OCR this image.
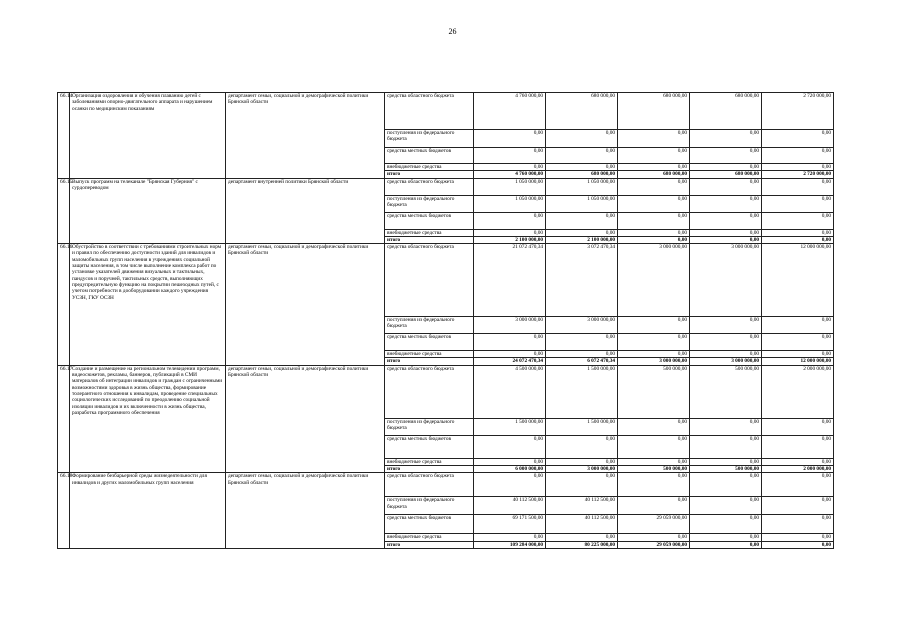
26
66.14	Организация оздоровления и обучения плаванию детей с заболеваниями опорно-двигательного аппарата и нарушением осанки по медицинским показаниям	департамент семьи, социальной и демографической политики Брянской области	средства областного бюджета	4 760 000,00	680 000,00	680 000,00	680 000,00	2 720 000,00
			поступления из федерального бюджета	0,00	0,00	0,00	0,00	0,00
			средства местных бюджетов	0,00	0,00	0,00	0,00	0,00
			внебюджетные средства	0,00	0,00	0,00	0,00	0,00
			итого	4 760 000,00	680 000,00	680 000,00	680 000,00	2 720 000,00
66.15	Выпуск программ на телеканале "Брянская Губерния" с сурдопереводом	департамент внутренней политики Брянской области	средства областного бюджета	1 050 000,00	1 050 000,00	0,00	0,00	0,00
			поступления из федерального бюджета	1 050 000,00	1 050 000,00	0,00	0,00	0,00
			средства местных бюджетов	0,00	0,00	0,00	0,00	0,00
			внебюджетные средства	0,00	0,00	0,00	0,00	0,00
			итого	2 100 000,00	2 100 000,00	0,00	0,00	0,00
66.16	Обустройство в соответствии с требованиями строительных норм и правил по обеспечению доступности зданий для инвалидов и маломобильных групп населения в учреждениях социальной защиты населения, в том числе выполнение комплекса работ по установке указателей движения визуальных и тактильных, пандусов и поручней, тактильных средств, выполняющих предупредительную функцию на покрытии пешеходных путей, с учетом потребности в дооборудовании каждого учреждения УСЗН, ГКУ ОСЗН	департамент семьи, социальной и демографической политики Брянской области	средства областного бюджета	21 072 470,34	3 072 470,34	3 000 000,00	3 000 000,00	12 000 000,00
			поступления из федерального бюджета	3 000 000,00	3 000 000,00	0,00	0,00	0,00
			средства местных бюджетов	0,00	0,00	0,00	0,00	0,00
			внебюджетные средства	0,00	0,00	0,00	0,00	0,00
			итого	24 072 470,34	6 072 470,34	3 000 000,00	3 000 000,00	12 000 000,00
66.17	Создание и размещение на региональном телевидении программ, видеосюжетов, рекламы, баннеров, публикаций в СМИ материалов об интеграции инвалидов и граждан с ограниченными возможностями здоровья в жизнь общества, формирование толерантного отношения к инвалидам, проведение специальных социологических исследований по преодолению социальной изоляции инвалидов и их включенности в жизнь общества, разработка программного обеспечения	департамент семьи, социальной и демографической политики Брянской области	средства областного бюджета	4 500 000,00	1 500 000,00	500 000,00	500 000,00	2 000 000,00
			поступления из федерального бюджета	1 500 000,00	1 500 000,00	0,00	0,00	0,00
			средства местных бюджетов	0,00	0,00	0,00	0,00	0,00
			внебюджетные средства	0,00	0,00	0,00	0,00	0,00
			итого	6 000 000,00	3 000 000,00	500 000,00	500 000,00	2 000 000,00
66.18	Формирование безбарьерной среды жизнедеятельности для инвалидов и других маломобильных групп населения	департамент семьи, социальной и демографической политики Брянской области	средства областного бюджета	0,00	0,00	0,00	0,00	0,00
			поступления из федерального бюджета	40 112 500,00	40 112 500,00	0,00	0,00	0,00
			средства местных бюджетов	69 171 500,00	40 112 500,00	29 059 000,00	0,00	0,00
			внебюджетные средства	0,00	0,00	0,00	0,00	0,00
			итого	109 284 000,00	80 225 000,00	29 059 000,00	0,00	0,00
